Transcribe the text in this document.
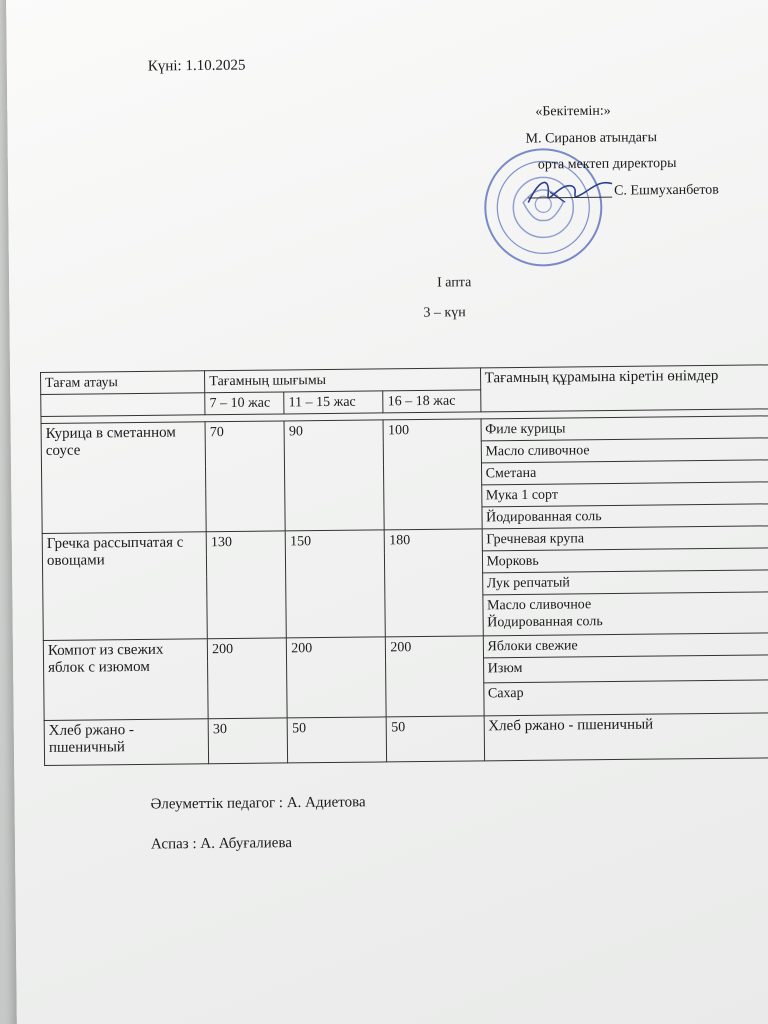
Күні: 1.10.2025
«Бекітемін:»
М. Сиранов атындағы
орта мектеп директоры
С. Ешмуханбетов
I апта
3 – күн
Әлеуметтік педагог : А. Адиетова
Аспаз : А. Абуғалиева
Тағам атауы	Тағамның шығымы			Тағамның құрамына кіретін өнімдер
	7 – 10 жас	11 – 15 жас	16 – 18 жас	

Курица в сметанном соусе	70	90	100	Филе курицы
				Масло сливочное
				Сметана
				Мука 1 сорт
				Йодированная соль
Гречка рассыпчатая с овощами	130	150	180	Гречневая крупа
				Морковь
				Лук репчатый

				Масло сливочное
Йодированная соль

Компот из свежих яблок с изюмом	200	200	200	Яблоки свежие
				Изюм
				Сахар
Хлеб ржано - пшеничный	30	50	50	Хлеб ржано - пшеничный
